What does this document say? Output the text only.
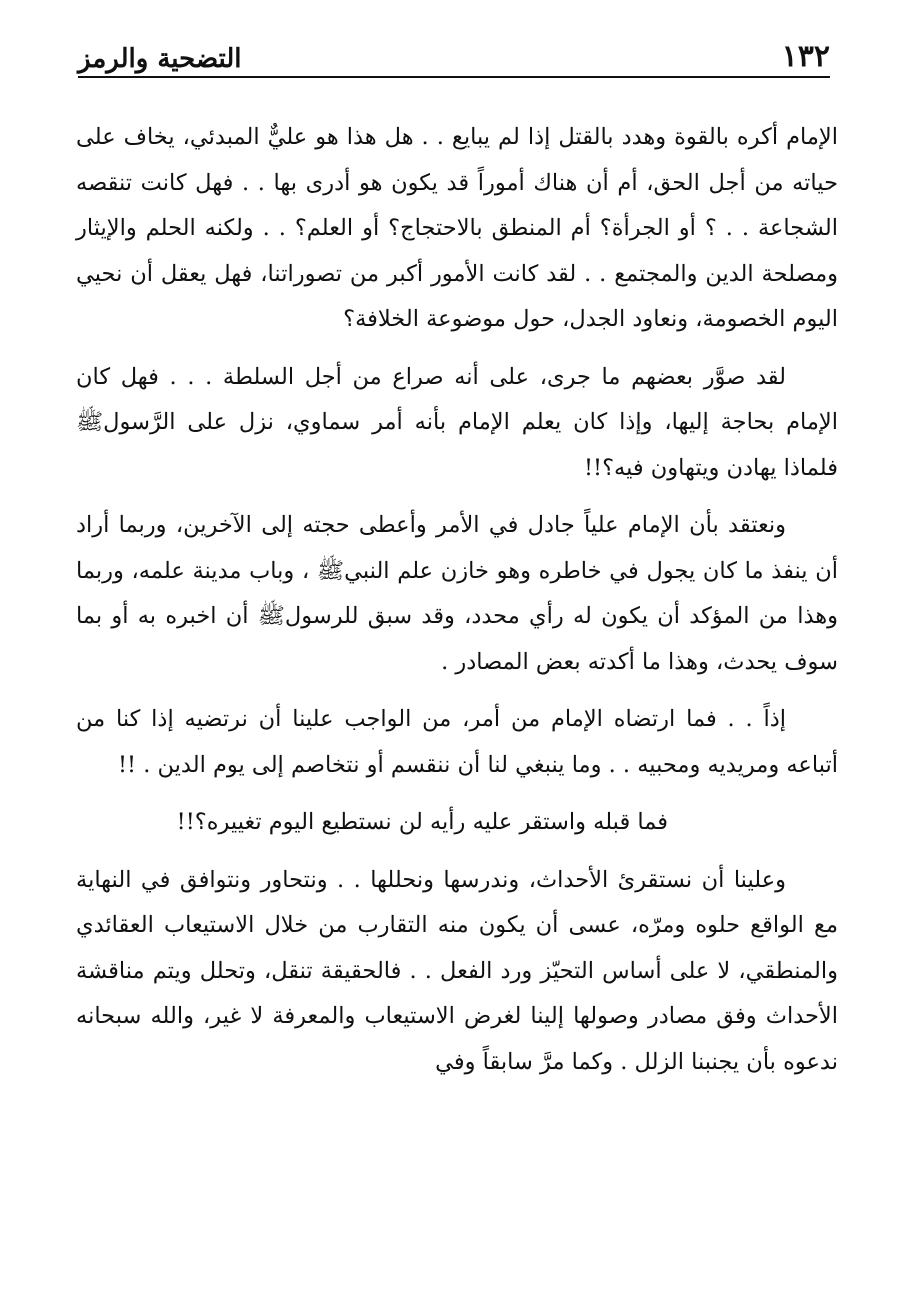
١٣٢
التضحية والرمز

الإمام أكره بالقوة وهدد بالقتل إذا لم يبايع . . هل هذا هو عليٌّ المبدئي، يخاف على حياته من أجل الحق، أم أن هناك أموراً قد يكون هو أدرى بها . . فهل كانت تنقصه الشجاعة . . ؟ أو الجرأة؟ أم المنطق بالاحتجاج؟ أو العلم؟ . . ولكنه الحلم والإيثار ومصلحة الدين والمجتمع . . لقد كانت الأمور أكبر من تصوراتنا، فهل يعقل أن نحيي اليوم الخصومة، ونعاود الجدل، حول موضوعة الخلافة؟

لقد صوَّر بعضهم ما جرى، على أنه صراع من أجل السلطة . . . فهل كان الإمام بحاجة إليها، وإذا كان يعلم الإمام بأنه أمر سماوي، نزل على الرَّسولﷺ فلماذا يهادن ويتهاون فيه؟!!

ونعتقد بأن الإمام علياً جادل في الأمر وأعطى حجته إلى الآخرين، وربما أراد أن ينفذ ما كان يجول في خاطره وهو خازن علم النبيﷺ ، وباب مدينة علمه، وربما وهذا من المؤكد أن يكون له رأي محدد، وقد سبق للرسولﷺ أن اخبره به أو بما سوف يحدث، وهذا ما أكدته بعض المصادر .

إذاً . . فما ارتضاه الإمام من أمر، من الواجب علينا أن نرتضيه إذا كنا من أتباعه ومريديه ومحبيه . . وما ينبغي لنا أن ننقسم أو نتخاصم إلى يوم الدين . !!

فما قبله واستقر عليه رأيه لن نستطيع اليوم تغييره؟!!

وعلينا أن نستقرئ الأحداث، وندرسها ونحللها . . ونتحاور ونتوافق في النهاية مع الواقع حلوه ومرّه، عسى أن يكون منه التقارب من خلال الاستيعاب العقائدي والمنطقي، لا على أساس التحيّز ورد الفعل . . فالحقيقة تنقل، وتحلل ويتم مناقشة الأحداث وفق مصادر وصولها إلينا لغرض الاستيعاب والمعرفة لا غير، والله سبحانه ندعوه بأن يجنبنا الزلل . وكما مرَّ سابقاً وفي
